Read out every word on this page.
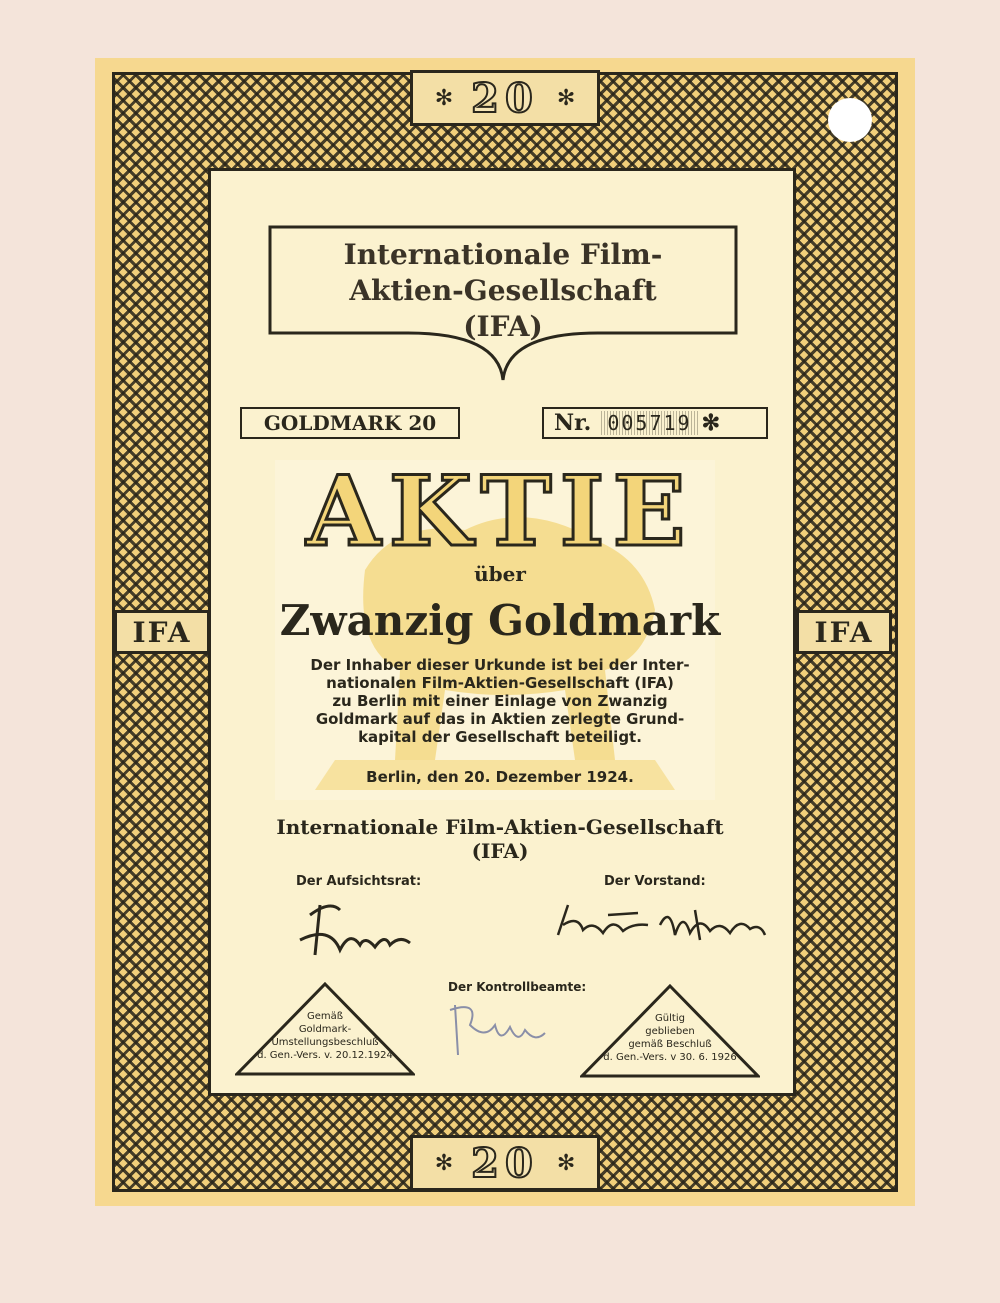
✻ 20 ✻
IFA	IFA
Internationale Film-
Aktien-Gesellschaft
(IFA)
GOLDMARK 20	Nr. 005719 ✻
AKTIE
über
Zwanzig Goldmark
Der Inhaber dieser Urkunde ist bei der Inter-
nationalen Film-Aktien-Gesellschaft (IFA)
zu Berlin mit einer Einlage von Zwanzig
Goldmark auf das in Aktien zerlegte Grund-
kapital der Gesellschaft beteiligt.
Berlin, den 20. Dezember 1924.
Internationale Film-Aktien-Gesellschaft
(IFA)
Der Aufsichtsrat:	Der Vorstand:
Der Kontrollbeamte:
Gemäß
Goldmark-
Umstellungsbeschluß
d. Gen.-Vers. v. 20.12.1924
Gültig
geblieben
gemäß Beschluß
d. Gen.-Vers. v 30. 6. 1926
✻ 20 ✻
